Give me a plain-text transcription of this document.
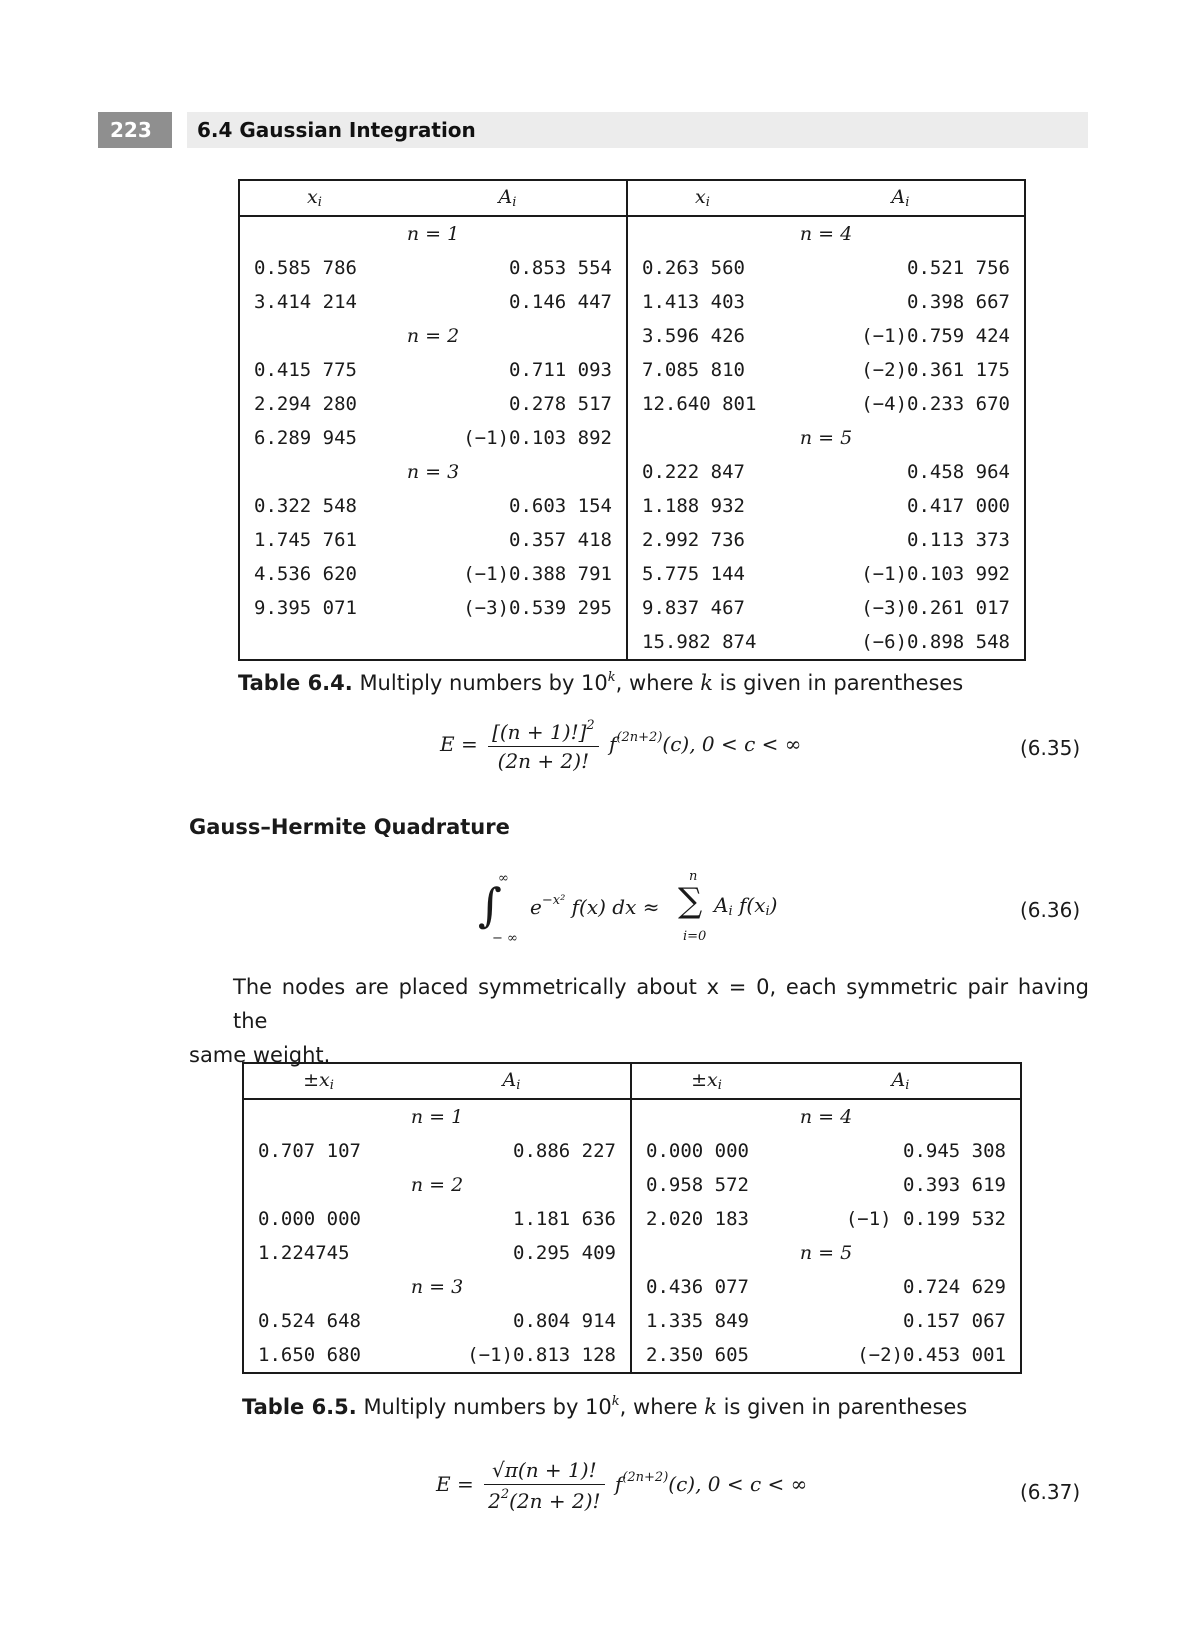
223	6.4 Gaussian Integration
xi	Ai	xi	Ai
n = 1		n = 4	
0.585 786	0.853 554	0.263 560	0.521 756
3.414 214	0.146 447	1.413 403	0.398 667
n = 2		3.596 426	(−1)0.759 424
0.415 775	0.711 093	7.085 810	(−2)0.361 175
2.294 280	0.278 517	12.640 801	(−4)0.233 670
6.289 945	(−1)0.103 892	n = 5	
n = 3		0.222 847	0.458 964
0.322 548	0.603 154	1.188 932	0.417 000
1.745 761	0.357 418	2.992 736	0.113 373
4.536 620	(−1)0.388 791	5.775 144	(−1)0.103 992
9.395 071	(−3)0.539 295	9.837 467	(−3)0.261 017
		15.982 874	(−6)0.898 548
Table 6.4. Multiply numbers by 10$^k$, where k is given in parentheses
$E = \frac{[(n + 1)!]^2}{(2n + 2)!} f^{(2n+2)}(c)$, 0 < c < ∞	(6.35)
Gauss–Hermite Quadrature
∫
∞
− ∞
$e^{-x^2}$ f(x) dx ≈ ∑
n
i=0
Ai f(xi)	(6.36)
The nodes are placed symmetrically about x = 0, each symmetric pair having the
same weight.
±xi	Ai	±xi	Ai
n = 1		n = 4	
0.707 107	0.886 227	0.000 000	0.945 308
n = 2		0.958 572	0.393 619
0.000 000	1.181 636	2.020 183	(−1) 0.199 532
1.224745	0.295 409	n = 5	
n = 3		0.436 077	0.724 629
0.524 648	0.804 914	1.335 849	0.157 067
1.650 680	(−1)0.813 128	2.350 605	(−2)0.453 001
Table 6.5. Multiply numbers by 10$^k$, where k is given in parentheses
$E = \frac{√\pi(n + 1)!}{2^2(2n + 2)!} f^{(2n+2)}(c)$, 0 < c < ∞	(6.37)
